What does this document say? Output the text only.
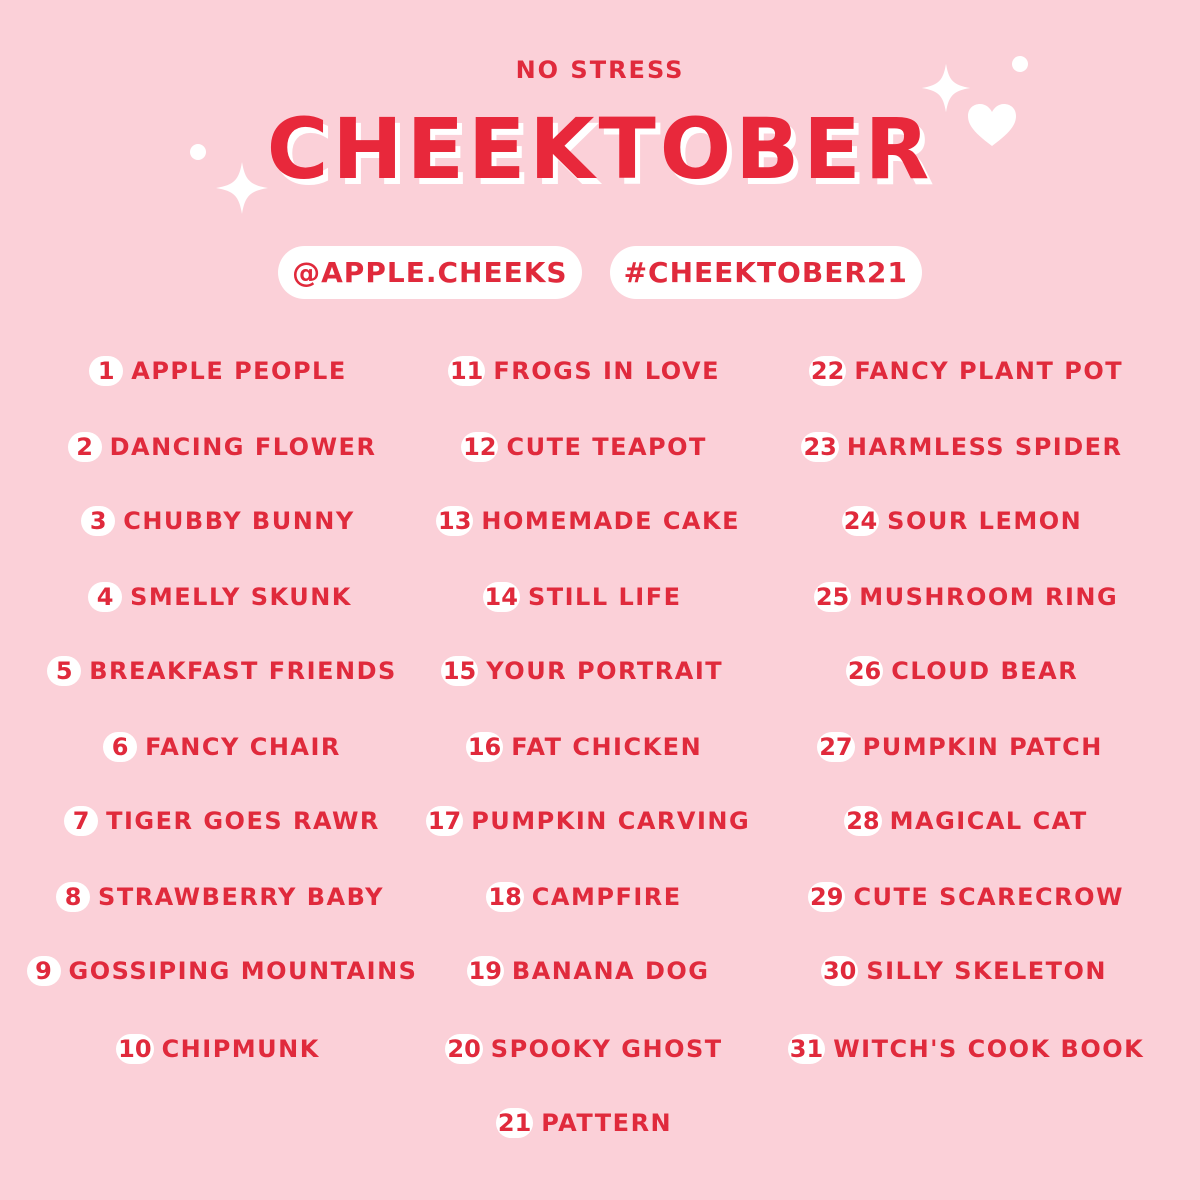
NO STRESS
CHEEKTOBER
@APPLE.CHEEKS	#CHEEKTOBER21
1 APPLE PEOPLE
2 DANCING FLOWER
3 CHUBBY BUNNY
4 SMELLY SKUNK
5 BREAKFAST FRIENDS
6 FANCY CHAIR
7 TIGER GOES RAWR
8 STRAWBERRY BABY
9 GOSSIPING MOUNTAINS
10 CHIPMUNK
11 FROGS IN LOVE
12 CUTE TEAPOT
13 HOMEMADE CAKE
14 STILL LIFE
15 YOUR PORTRAIT
16 FAT CHICKEN
17 PUMPKIN CARVING
18 CAMPFIRE
19 BANANA DOG
20 SPOOKY GHOST
21 PATTERN
22 FANCY PLANT POT
23 HARMLESS SPIDER
24 SOUR LEMON
25 MUSHROOM RING
26 CLOUD BEAR
27 PUMPKIN PATCH
28 MAGICAL CAT
29 CUTE SCARECROW
30 SILLY SKELETON
31 WITCH'S COOK BOOK
